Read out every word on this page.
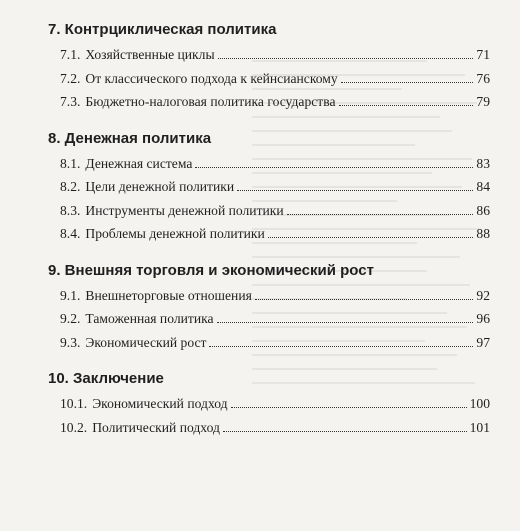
7. Контрциклическая политика
7.1. Хозяйственные циклы	71
7.2. От классического подхода к кейнсианскому	76
7.3. Бюджетно-налоговая политика государства	79
8. Денежная политика
8.1. Денежная система	83
8.2. Цели денежной политики	84
8.3. Инструменты денежной политики	86
8.4. Проблемы денежной политики	88
9. Внешняя торговля и экономический рост
9.1. Внешнеторговые отношения	92
9.2. Таможенная политика	96
9.3. Экономический рост	97
10. Заключение
10.1. Экономический подход	100
10.2. Политический подход	101
